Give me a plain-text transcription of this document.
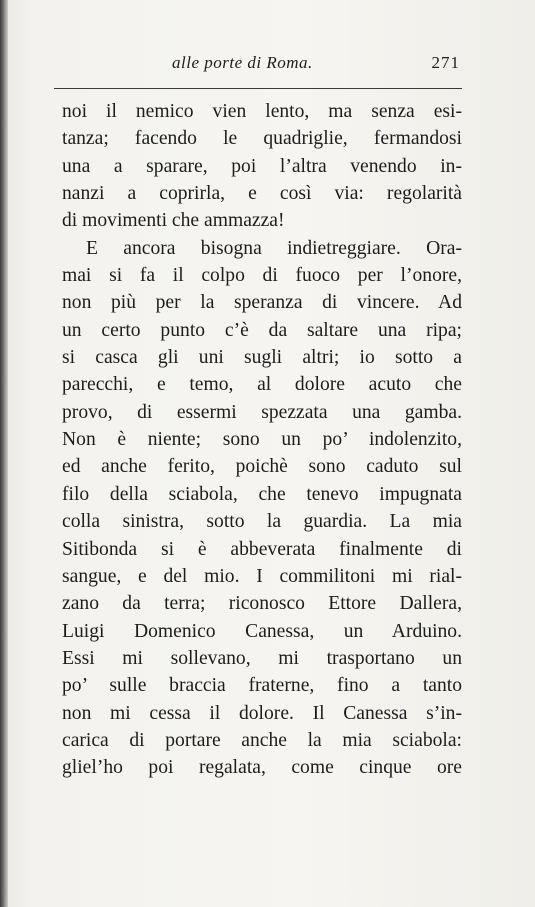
alle porte di Roma.	271
noi il nemico vien lento, ma senza esi-
tanza; facendo le quadriglie, fermandosi
una a sparare, poi l’altra venendo in-
nanzi a coprirla, e così via: regolarità
di movimenti che ammazza!
E ancora bisogna indietreggiare. Ora-
mai si fa il colpo di fuoco per l’onore,
non più per la speranza di vincere. Ad
un certo punto c’è da saltare una ripa;
si casca gli uni sugli altri; io sotto a
parecchi, e temo, al dolore acuto che
provo, di essermi spezzata una gamba.
Non è niente; sono un po’ indolenzito,
ed anche ferito, poichè sono caduto sul
filo della sciabola, che tenevo impugnata
colla sinistra, sotto la guardia. La mia
Sitibonda si è abbeverata finalmente di
sangue, e del mio. I commilitoni mi rial-
zano da terra; riconosco Ettore Dallera,
Luigi Domenico Canessa, un Arduino.
Essi mi sollevano, mi trasportano un
po’ sulle braccia fraterne, fino a tanto
non mi cessa il dolore. Il Canessa s’in-
carica di portare anche la mia sciabola:
gliel’ho poi regalata, come cinque ore
